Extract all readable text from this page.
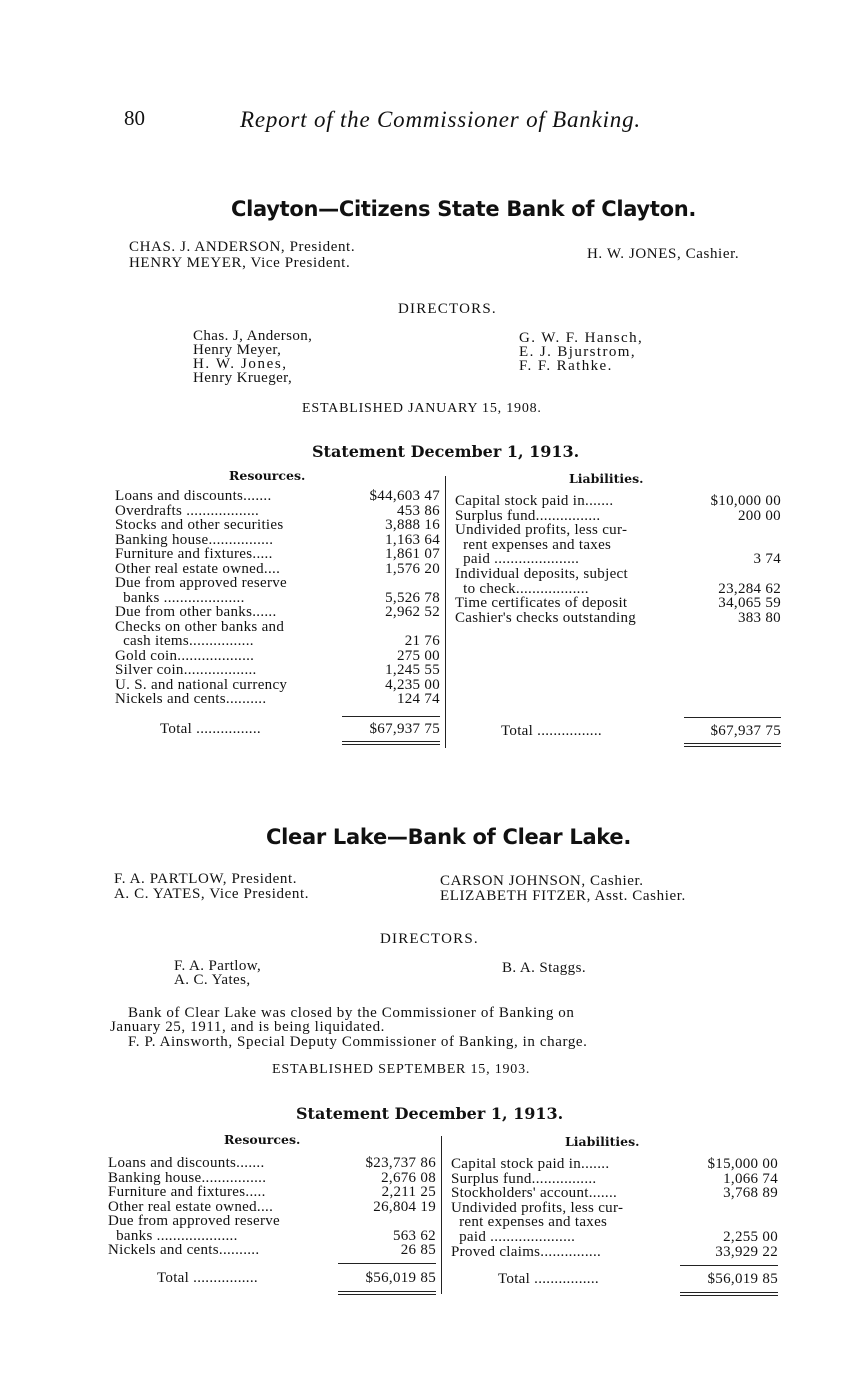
80	Report of the Commissioner of Banking.
Clayton—Citizens State Bank of Clayton.
CHAS. J. ANDERSON, President.
HENRY MEYER, Vice President.
H. W. JONES, Cashier.
DIRECTORS.
Chas. J, Anderson,
Henry Meyer,
H. W. Jones,
Henry Krueger,
G. W. F. Hansch,
E. J. Bjurstrom,
F. F. Rathke.
ESTABLISHED JANUARY 15, 1908.
Statement December 1, 1913.
Resources.	Liabilities.
Loans and discounts.......	$44,603 47
Overdrafts ..................	453 86
Stocks and other securities	3,888 16
Banking house................	1,163 64
Furniture and fixtures.....	1,861 07
Other real estate owned....	1,576 20
Due from approved reserve
banks ....................	5,526 78
Due from other banks......	2,962 52
Checks on other banks and
cash items................	21 76
Gold coin...................	275 00
Silver coin..................	1,245 55
U. S. and national currency	4,235 00
Nickels and cents..........	124 74
Capital stock paid in.......	$10,000 00
Surplus fund................	200 00
Undivided profits, less cur-
rent expenses and taxes
paid .....................	3 74
Individual deposits, subject
to check..................	23,284 62
Time certificates of deposit	34,065 59
Cashier's checks outstanding	383 80
Total ................	$67,937 75	Total ................	$67,937 75
Clear Lake—Bank of Clear Lake.
F. A. PARTLOW, President.
A. C. YATES, Vice President.
CARSON JOHNSON, Cashier.
ELIZABETH FITZER, Asst. Cashier.
DIRECTORS.
F. A. Partlow,
A. C. Yates,
B. A. Staggs.
Bank of Clear Lake was closed by the Commissioner of Banking on
January 25, 1911, and is being liquidated.
F. P. Ainsworth, Special Deputy Commissioner of Banking, in charge.
ESTABLISHED SEPTEMBER 15, 1903.
Statement December 1, 1913.
Resources.	Liabilities.
Loans and discounts.......	$23,737 86
Banking house................	2,676 08
Furniture and fixtures.....	2,211 25
Other real estate owned....	26,804 19
Due from approved reserve
banks ....................	563 62
Nickels and cents..........	26 85
Capital stock paid in.......	$15,000 00
Surplus fund................	1,066 74
Stockholders' account.......	3,768 89
Undivided profits, less cur-
rent expenses and taxes
paid .....................	2,255 00
Proved claims...............	33,929 22
Total ................	$56,019 85	Total ................	$56,019 85
